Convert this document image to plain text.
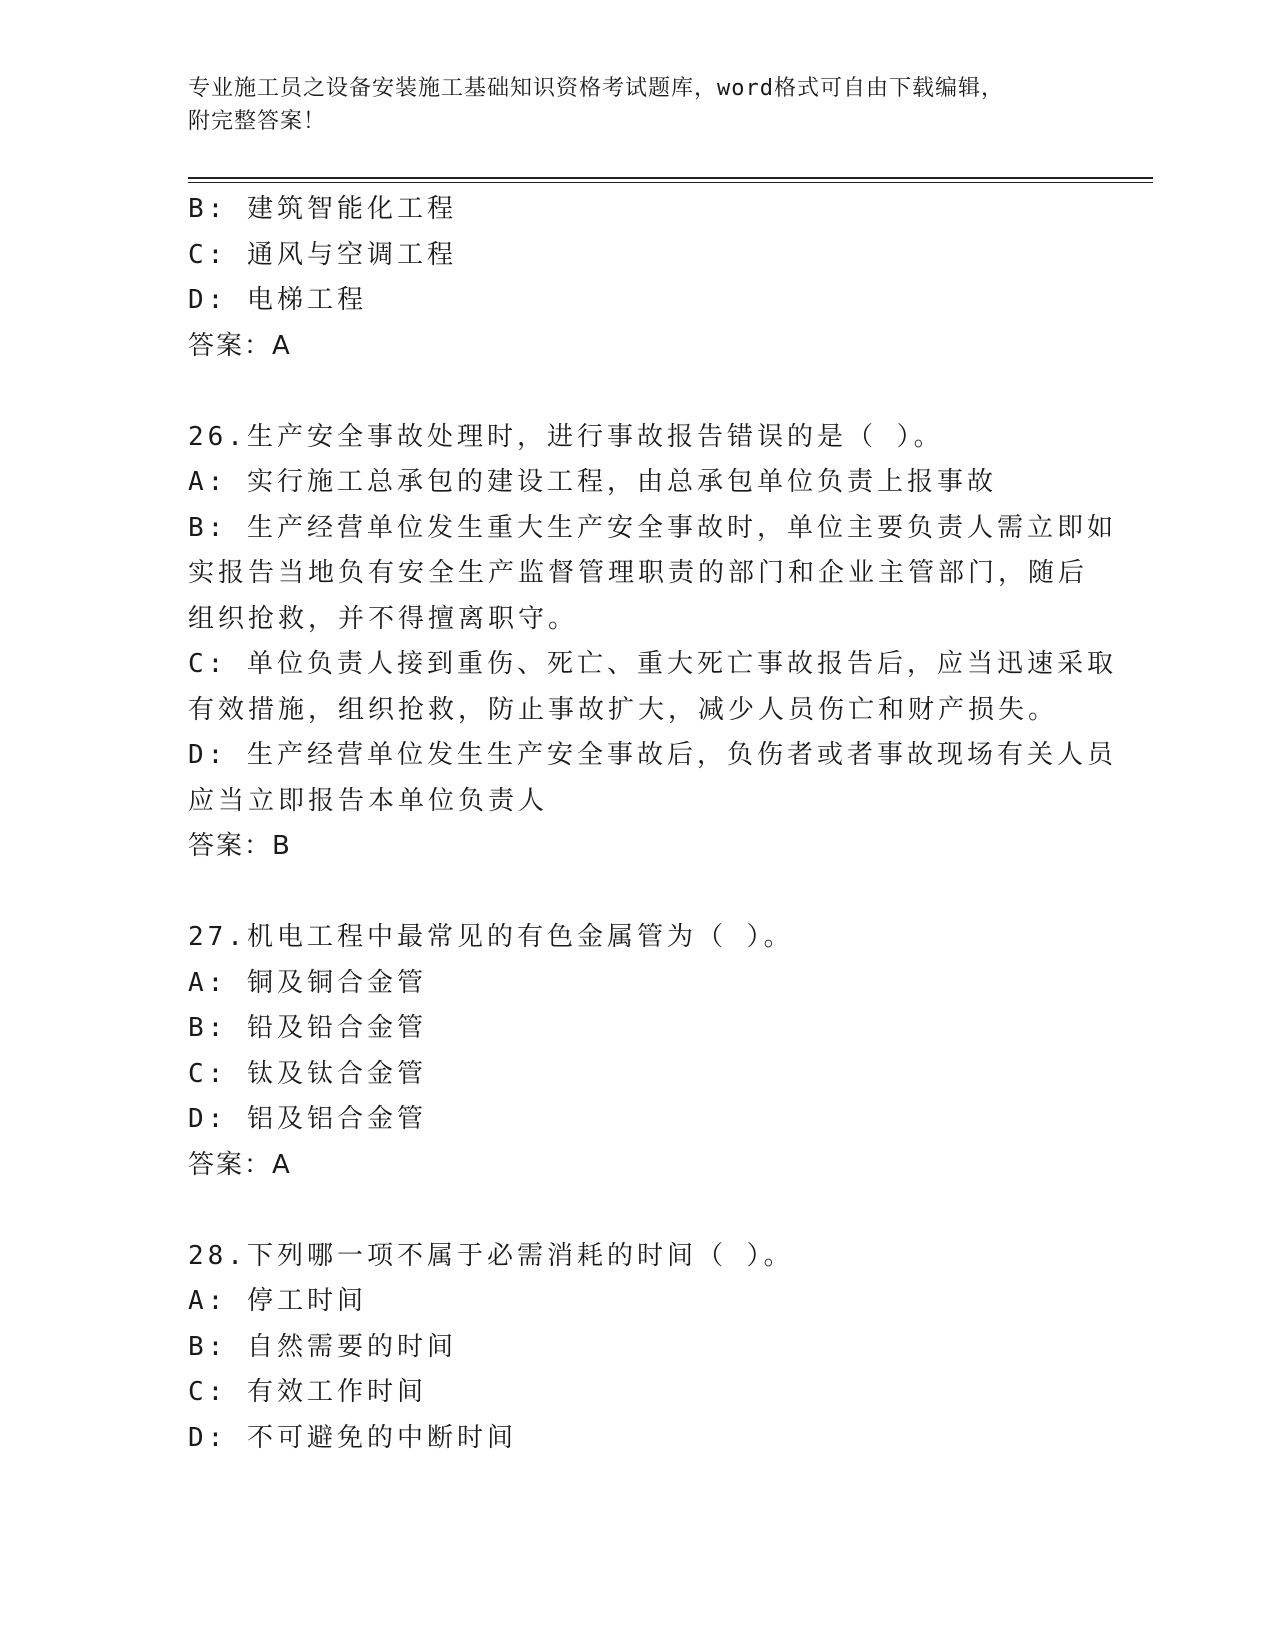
专业施工员之设备安装施工基础知识资格考试题库，word格式可自由下载编辑，
附完整答案！
B: 建筑智能化工程
C: 通风与空调工程
D: 电梯工程
答案：A
26.生产安全事故处理时，进行事故报告错误的是（ ）。
A: 实行施工总承包的建设工程，由总承包单位负责上报事故
B: 生产经营单位发生重大生产安全事故时，单位主要负责人需立即如
实报告当地负有安全生产监督管理职责的部门和企业主管部门，随后
组织抢救，并不得擅离职守。
C: 单位负责人接到重伤、死亡、重大死亡事故报告后，应当迅速采取
有效措施，组织抢救，防止事故扩大，减少人员伤亡和财产损失。
D: 生产经营单位发生生产安全事故后，负伤者或者事故现场有关人员
应当立即报告本单位负责人
答案：B
27.机电工程中最常见的有色金属管为（ ）。
A: 铜及铜合金管
B: 铅及铅合金管
C: 钛及钛合金管
D: 铝及铝合金管
答案：A
28.下列哪一项不属于必需消耗的时间（ ）。
A: 停工时间
B: 自然需要的时间
C: 有效工作时间
D: 不可避免的中断时间
